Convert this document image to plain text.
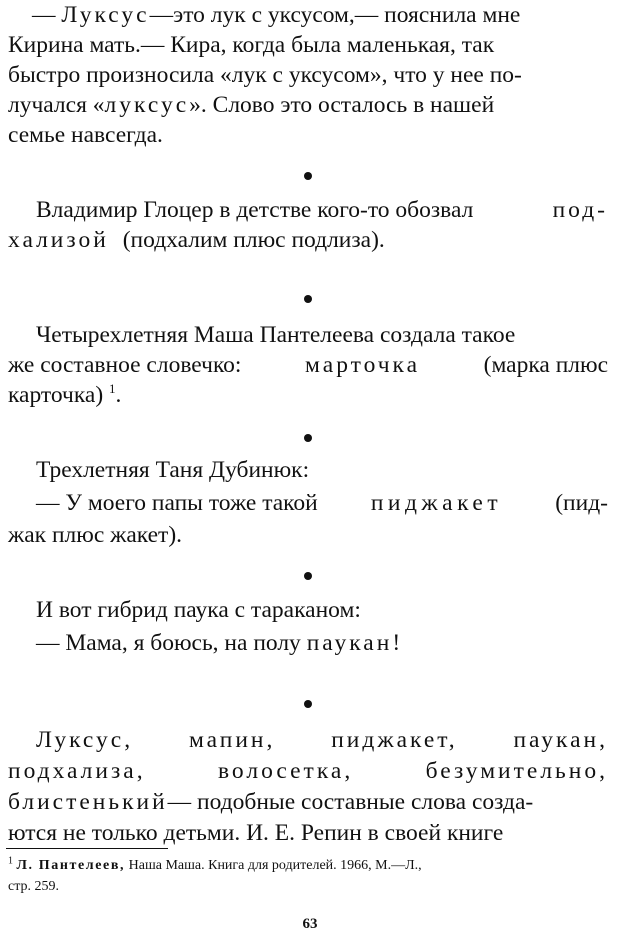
— Луксус—это лук с уксусом,— пояснила мне
Кирина мать.— Кира, когда была маленькая, так
быстро произносила «лук с уксусом», что у нее по-
лучался «луксус». Слово это осталось в нашей
семье навсегда.
Владимир Глоцер в детстве кого-то обозвал	под-
хализой (подхалим плюс подлиза).
Четырехлетняя Маша Пантелеева создала такое
же составное словечко:	марточка	(марка плюс
карточка) $^1$.
Трехлетняя Таня Дубинюк:
— У моего папы тоже такой пиджакет (пид-
жак плюс жакет).
И вот гибрид паука с тараканом:
— Мама, я боюсь, на полу паукан!
Луксус, мапин, пиджакет, паукан,
подхализа,	волосетка,	безумительно,
блистенький— подобные составные слова созда-
ются не только детьми. И. Е. Репин в своей книге
$^1$ Л. Пантелеев, Наша Маша. Книга для родителей. 1966, М.—Л.,
стр. 259.
63
